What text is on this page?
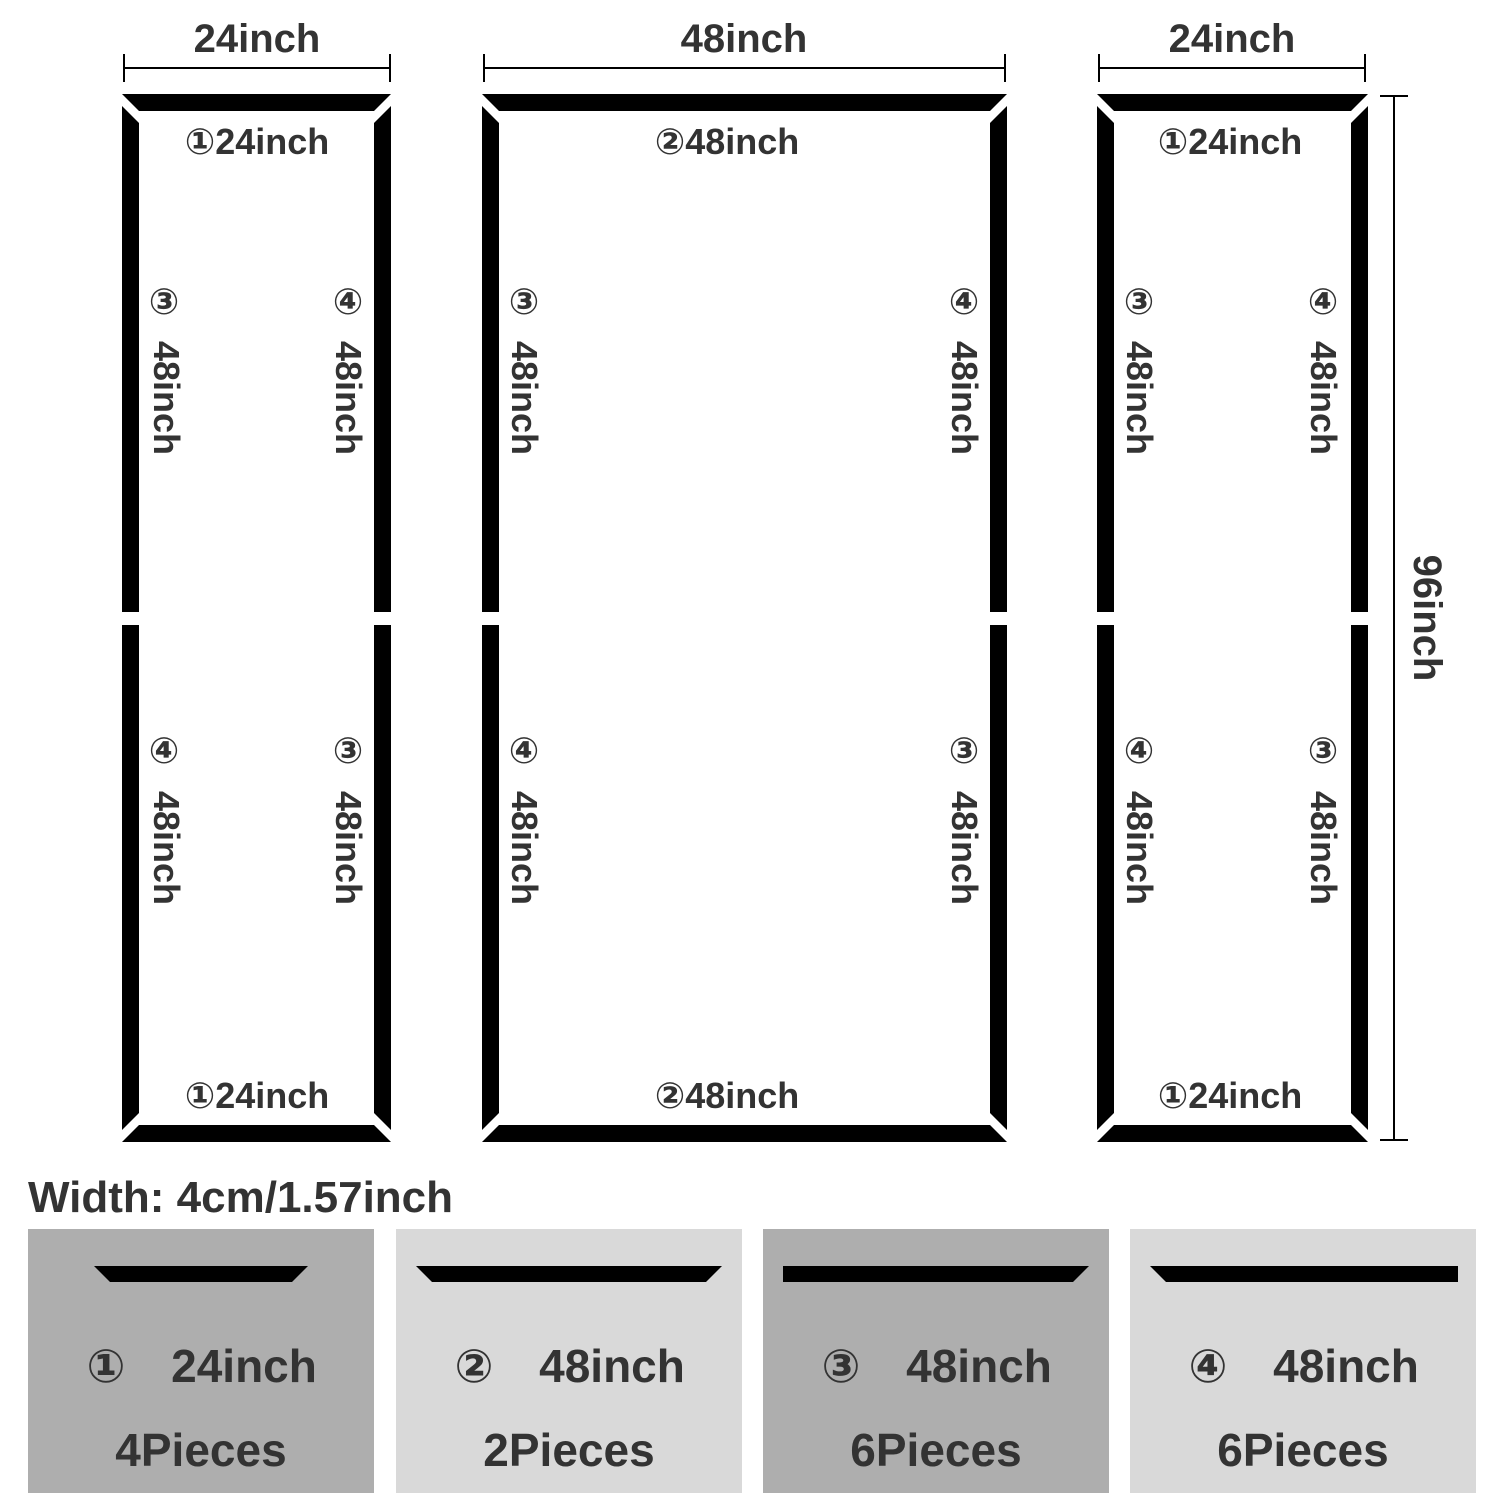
24inch	48inch	24inch
96inch
①24inch
①24inch
③
48inch
④
48inch
④
48inch
③
48inch
②48inch
②48inch
③
48inch
④
48inch
④
48inch
③
48inch
①24inch
①24inch
③
48inch
④
48inch
④
48inch
③
48inch
Width: 4cm/1.57inch
① 24inch
4Pieces
② 48inch
2Pieces
③ 48inch
6Pieces
④ 48inch
6Pieces
